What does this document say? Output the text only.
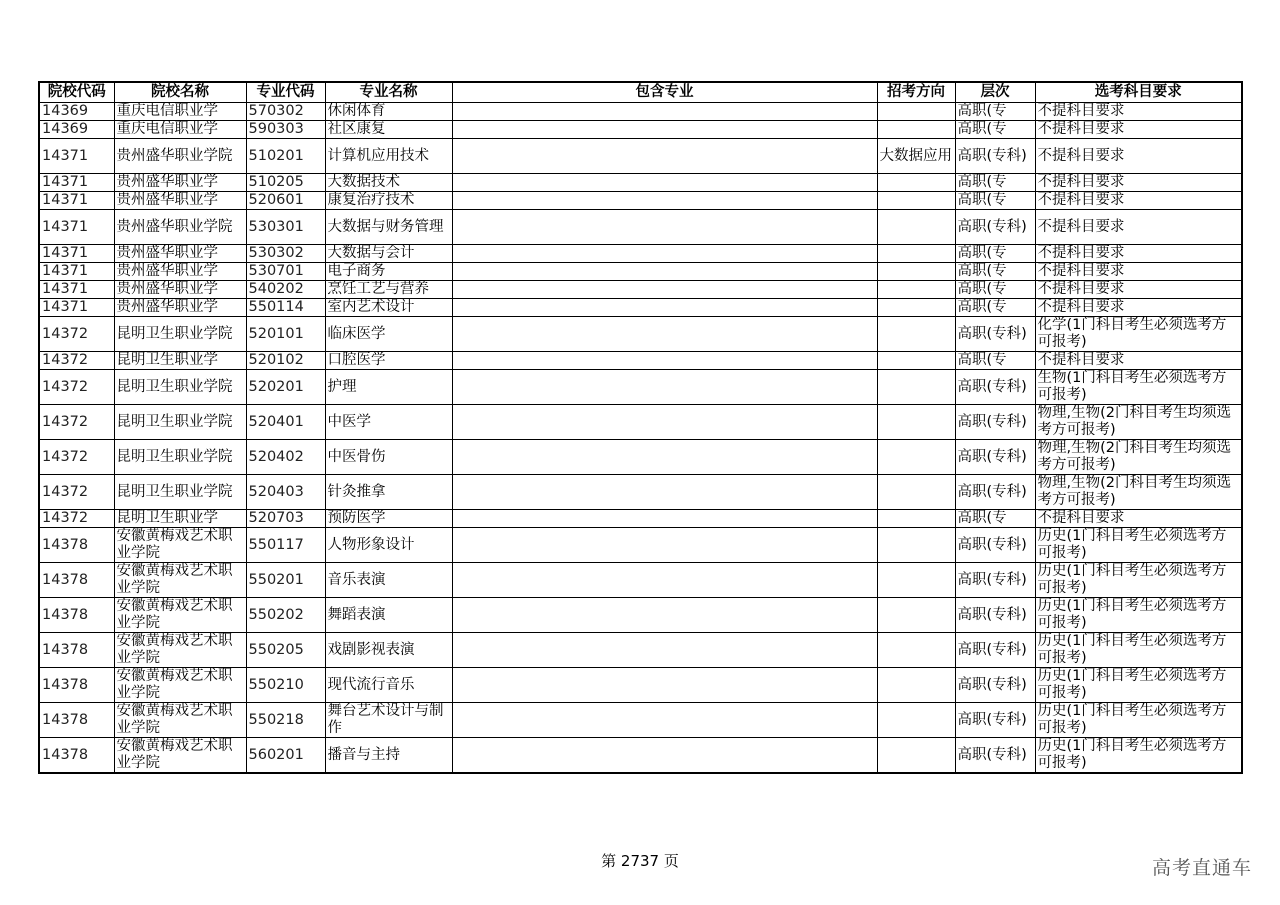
院校代码	院校名称	专业代码	专业名称	包含专业	招考方向	层次	选考科目要求
14369	重庆电信职业学	570302	休闲体育			高职(专	不提科目要求
14369	重庆电信职业学	590303	社区康复			高职(专	不提科目要求
14371	贵州盛华职业学院	510201	计算机应用技术		大数据应用	高职(专科)	不提科目要求
14371	贵州盛华职业学	510205	大数据技术			高职(专	不提科目要求
14371	贵州盛华职业学	520601	康复治疗技术			高职(专	不提科目要求
14371	贵州盛华职业学院	530301	大数据与财务管理			高职(专科)	不提科目要求
14371	贵州盛华职业学	530302	大数据与会计			高职(专	不提科目要求
14371	贵州盛华职业学	530701	电子商务			高职(专	不提科目要求
14371	贵州盛华职业学	540202	烹饪工艺与营养			高职(专	不提科目要求
14371	贵州盛华职业学	550114	室内艺术设计			高职(专	不提科目要求
14372	昆明卫生职业学院	520101	临床医学			高职(专科)	化学(1门科目考生必须选考方可报考)
14372	昆明卫生职业学	520102	口腔医学			高职(专	不提科目要求
14372	昆明卫生职业学院	520201	护理			高职(专科)	生物(1门科目考生必须选考方可报考)
14372	昆明卫生职业学院	520401	中医学			高职(专科)	物理,生物(2门科目考生均须选考方可报考)
14372	昆明卫生职业学院	520402	中医骨伤			高职(专科)	物理,生物(2门科目考生均须选考方可报考)
14372	昆明卫生职业学院	520403	针灸推拿			高职(专科)	物理,生物(2门科目考生均须选考方可报考)
14372	昆明卫生职业学	520703	预防医学			高职(专	不提科目要求
14378	安徽黄梅戏艺术职业学院	550117	人物形象设计			高职(专科)	历史(1门科目考生必须选考方可报考)
14378	安徽黄梅戏艺术职业学院	550201	音乐表演			高职(专科)	历史(1门科目考生必须选考方可报考)
14378	安徽黄梅戏艺术职业学院	550202	舞蹈表演			高职(专科)	历史(1门科目考生必须选考方可报考)
14378	安徽黄梅戏艺术职业学院	550205	戏剧影视表演			高职(专科)	历史(1门科目考生必须选考方可报考)
14378	安徽黄梅戏艺术职业学院	550210	现代流行音乐			高职(专科)	历史(1门科目考生必须选考方可报考)
14378	安徽黄梅戏艺术职业学院	550218	舞台艺术设计与制作			高职(专科)	历史(1门科目考生必须选考方可报考)
14378	安徽黄梅戏艺术职业学院	560201	播音与主持			高职(专科)	历史(1门科目考生必须选考方可报考)
第 2737 页	高考直通车
